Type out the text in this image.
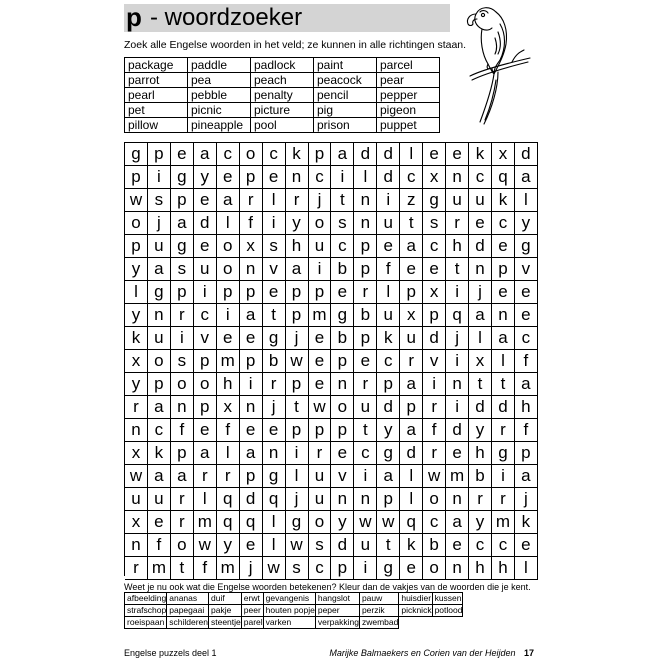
p - woordzoeker
Zoek alle Engelse woorden in het veld; ze kunnen in alle richtingen staan.
package	paddle	padlock	paint	parcel
parrot	pea	peach	peacock	pear
pearl	pebble	penalty	pencil	pepper
pet	picnic	picture	pig	pigeon
pillow	pineapple	pool	prison	puppet
g p e a c o c k p a d d l e e k x d
p i g y e p e n c i	l d c x n c q a
w s p e a r	l	r	j	t n i z g u u k l
o j a d l	f	i y o s n u t s r e c y
p u g e o x s h u c p e a c h d e g
y a s u o n v a i b p f e e t n p v
l g p i p p e p p e r	l p x i	j e e
y n r c i a t p m g b u x p q a n e
k u i v e e g j e b p k u d j	l a c
x o s p m p b w e p e c r v i x l	f
y p o o h i	r p e n r p a i n t	t a
r a n p x n j	t w o u d p r	i d d h
n c f e f e e p p p t y a f d y r	f
x k p a l a n i	r e c g d r e h g p
w a a r	r p g l u v i a l w m b i a
u u r	l q d q j u n n p l o n r	r	j
x e r m q q l g o y w w q c a y m k
n f o w y e l w s d u t k b e c c e
r m t	f m j w s c p i g e o n h h l
Weet je nu ook wat die Engelse woorden betekenen? Kleur dan de vakjes van de woorden die je kent.
afbeelding	ananas	duif	erwt	gevangenis	hangslot	pauw	huisdier	kussen
strafschop	papegaai	pakje	peer	houten popje	peper	perzik	picknick	potlood
roeispaan	schilderen	steentje	parel	varken	verpakking	zwembad		
Engelse puzzels deel 1	Marijke Balmaekers en Corien van der Heijden 17
